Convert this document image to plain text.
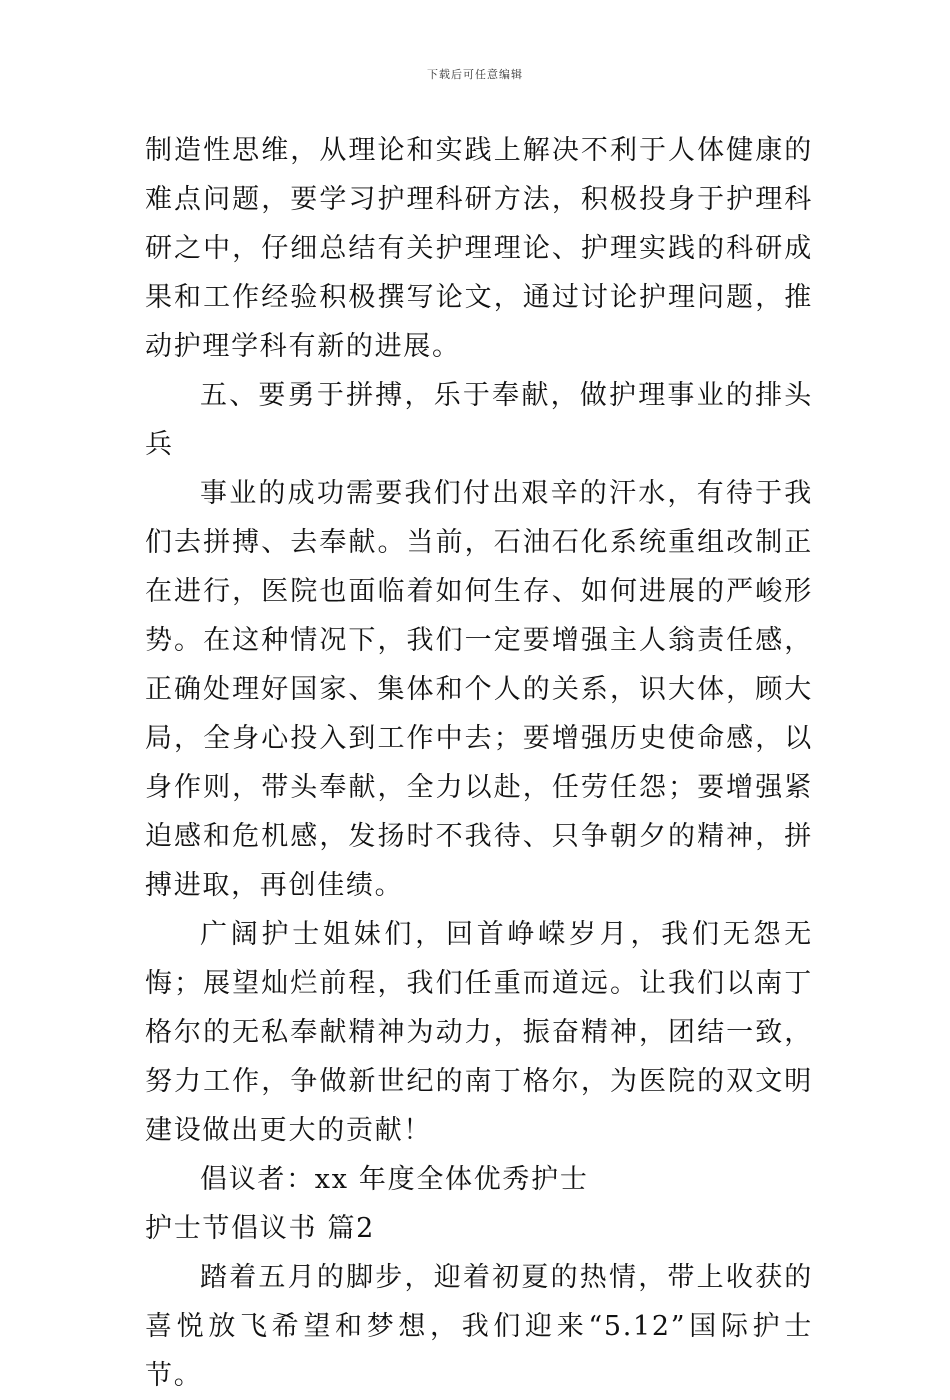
下载后可任意编辑

制造性思维，从理论和实践上解决不利于人体健康的难点问题，要学习护理科研方法，积极投身于护理科研之中，仔细总结有关护理理论、护理实践的科研成果和工作经验积极撰写论文，通过讨论护理问题，推动护理学科有新的进展。

五、要勇于拼搏，乐于奉献，做护理事业的排头兵

事业的成功需要我们付出艰辛的汗水，有待于我们去拼搏、去奉献。当前，石油石化系统重组改制正在进行，医院也面临着如何生存、如何进展的严峻形势。在这种情况下，我们一定要增强主人翁责任感，正确处理好国家、集体和个人的关系，识大体，顾大局，全身心投入到工作中去；要增强历史使命感，以身作则，带头奉献，全力以赴，任劳任怨；要增强紧迫感和危机感，发扬时不我待、只争朝夕的精神，拼搏进取，再创佳绩。

广阔护士姐妹们，回首峥嵘岁月，我们无怨无悔；展望灿烂前程，我们任重而道远。让我们以南丁格尔的无私奉献精神为动力，振奋精神，团结一致，努力工作，争做新世纪的南丁格尔，为医院的双文明建设做出更大的贡献！

倡议者：xx 年度全体优秀护士

护士节倡议书 篇2

踏着五月的脚步，迎着初夏的热情，带上收获的喜悦放飞希望和梦想，我们迎来“5.12”国际护士节。
